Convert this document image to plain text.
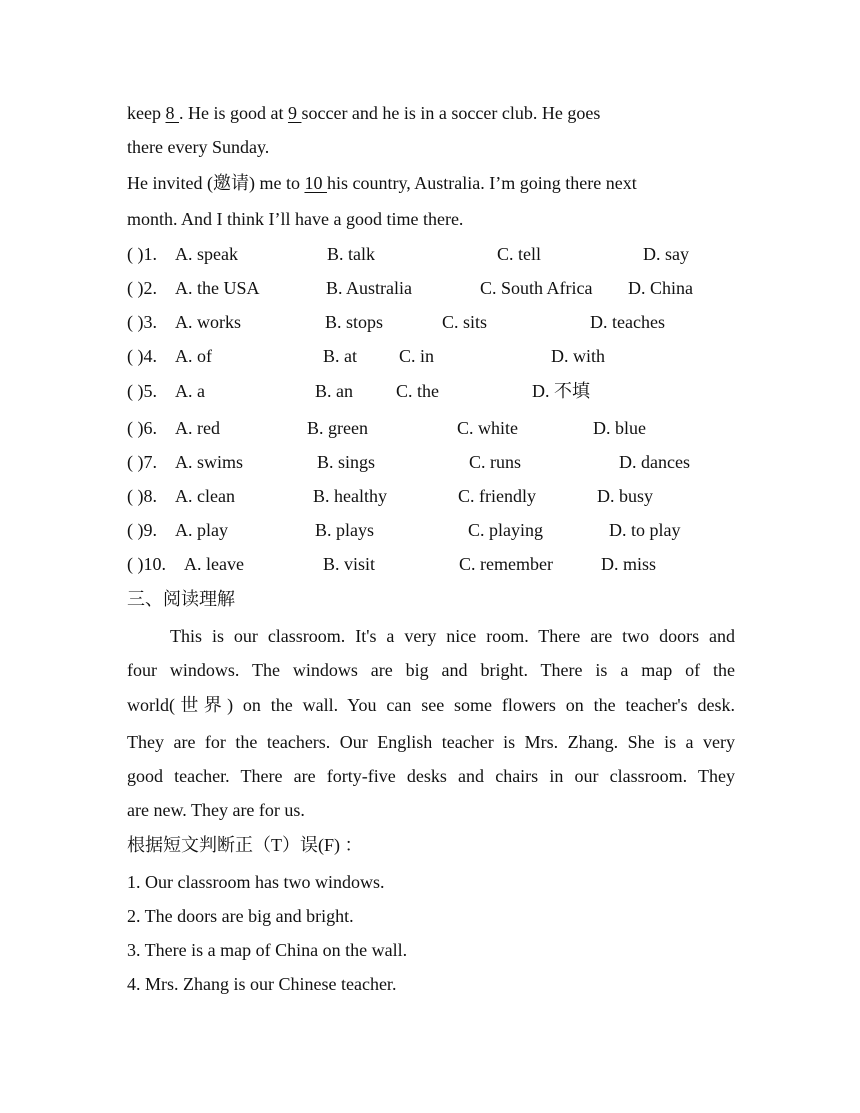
keep 8 . He is good at 9 soccer and he is in a soccer club. He goes
there every Sunday.
He invited (邀请) me to 10 his country, Australia. I’m going there next
month. And I think I’ll have a good time there.
( )1. A. speak	B. talk	C. tell	D. say
( )2. A. the USA	B. Australia	C. South Africa D. China
( )3. A. works	B. stops	C. sits	D. teaches
( )4. A. of	B. at C. in	D. with
( )5. A. a	B. an C. the	D. 不填
( )6. A. red	B. green	C. white	D. blue
( )7. A. swims	B. sings	C. runs	D. dances
( )8. A. clean	B. healthy	C. friendly	D. busy
( )9. A. play	B. plays	C. playing	D. to play
( )10. A. leave	B. visit	C. remember	D. miss
三、阅读理解
This is our classroom. It's a very nice room. There are two doors and
four windows. The windows are big and bright. There is a map of the
world(世界) on the wall. You can see some flowers on the teacher's desk.
They are for the teachers. Our English teacher is Mrs. Zhang. She is a very
good teacher. There are forty-five desks and chairs in our classroom. They
are new. They are for us.
根据短文判断正（T）误(F) ：
1. Our classroom has two windows.
2. The doors are big and bright.
3. There is a map of China on the wall.
4. Mrs. Zhang is our Chinese teacher.
